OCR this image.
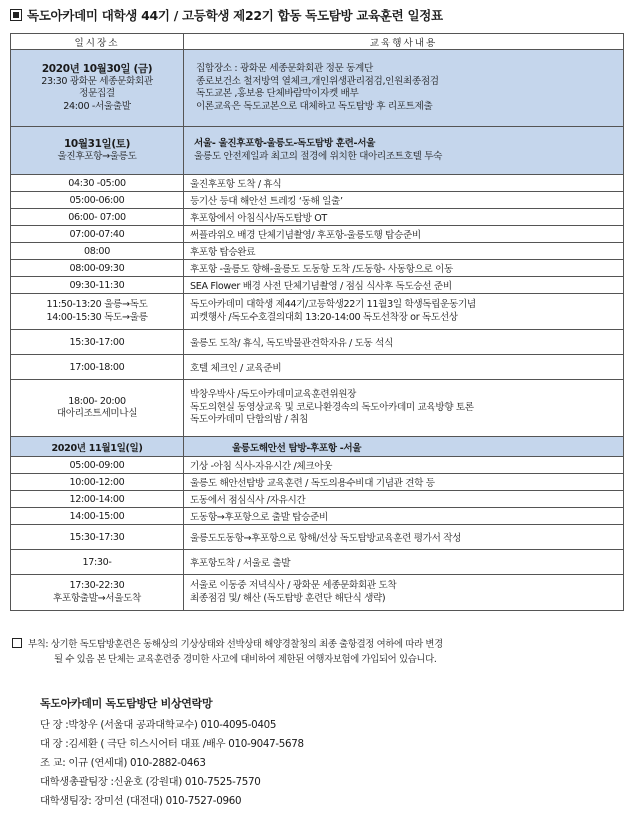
독도아카데미 대학생 44기 / 고등학생 제22기 합동 독도탐방 교육훈련 일정표
일시장소	교육행사내용

2020년 10월30일 (금)
23:30 광화문 세종문화회관
정문집결
24:00 -서울출발	집합장소 : 광화문 세종문화회관 정문 동계단
종로보건소 철저방역 열체크,개인위생관리점검,인원최종점검
독도교본 ,홍보용 단체바람막이자켓 배부
이론교육은 독도교본으로 대체하고 독도탐방 후 리포트제출

10월31일(토)
울진후포항→울릉도	서울- 울진후포항-울릉도-독도탐방 훈련-서울
울릉도 안전제일과 최고의 절경에 위치한 대아리조트호텔 투숙

04:30 -05:00	울진후포항 도착 / 휴식
05:00-06:00	등기산 등대 해안선 트레킹 ‘동해 일출’
06:00- 07:00	후포항에서 아침식사/독도탐방 OT
07:00-07:40	써플라위오 배경 단체기념촬영/ 후포항-울릉도행 탑승준비
08:00	후포항 탑승완료
08:00-09:30	후포항 -울릉도 향해-울릉도 도동항 도착 /도동항- 사동항으로 이동
09:30-11:30	SEA Flower 배경 사전 단체기념촬영 / 점심 식사후 독도승선 준비

11:50-13:20 울릉→독도
14:00-15:30 독도→울릉	독도아카데미 대학생 제44기/고등학생22기 11월3일 학생독립운동기념
피켓행사 /독도수호결의대회 13:20-14:00 독도선착장 or 독도선상

15:30-17:00	울릉도 도착/ 휴식, 독도박물관견학자유 / 도동 석식
17:00-18:00	호텔 체크인 / 교육준비

18:00- 20:00
대아리조트세미나실	박창우박사 /독도아카데미교육훈련위원장
독도의현실 동영상교육 및 코로나환경속의 독도아카데미 교육방향 토론
독도아카데미 단합의밤 / 취침

2020년 11월1일(일)	울릉도해안선 탐방-후포항 -서울
05:00-09:00	기상 -아침 식사-자유시간 /체크아웃
10:00-12:00	울릉도 해안선탐방 교육훈련 / 독도의용수비대 기념관 견학 등
12:00-14:00	도동에서 점심식사 /자유시간
14:00-15:00	도동항→후포항으로 출발 탑승준비
15:30-17:30	울릉도도동항→후포항으로 항해/선상 독도탐방교육훈련 평가서 작성
17:30-	후포항도착 / 서울로 출발

17:30-22:30
후포항출발→서울도착	서울로 이동중 저녁식사 / 광화문 세종문화회관 도착
최종점검 및/ 해산 (독도탐방 훈련단 해단식 생략)
부칙: 상기한 독도탐방훈련은 동해상의 기상상태와 선박상태 해양경찰청의 최종 출항결정 여하에 따라 변경
될 수 있음 본 단체는 교육훈련중 경미한 사고에 대비하여 제한된 여행자보험에 가입되어 있습니다.
독도아카데미 독도탐방단 비상연락망
단 장 :박창우 (서울대 공과대학교수) 010-4095-0405
대 장 :김세환 ( 극단 히스시어터 대표 /배우 010-9047-5678
조 교: 이규 (연세대) 010-2882-0463
대학생총괄팀장 :신윤호 (강원대) 010-7525-7570
대학생팀장: 장미선 (대전대) 010-7527-0960
